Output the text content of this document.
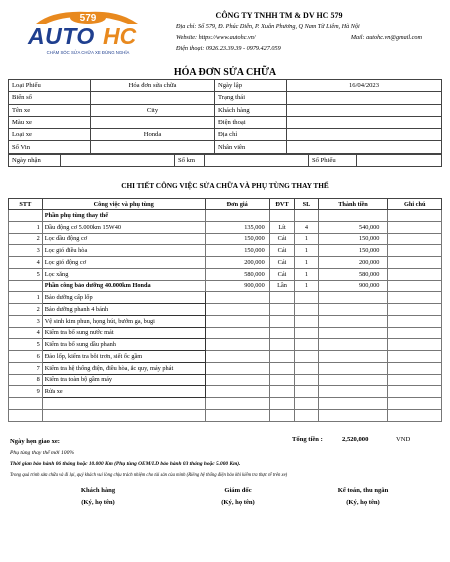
579
AUTO HC
CHĂM SÓC SỬA CHỮA XE ĐÚNG NGHĨA
CÔNG TY TNHH TM & DV HC 579
Địa chỉ: Số 579, Đ. Phúc Diễn, P. Xuân Phương, Q Nam Từ Liêm, Hà Nội
Website: https://www.autohc.vn/	Mail: autohc.vn@gmail.com
Điện thoại: 0926.23.39.39 - 0979.427.059
HÓA ĐƠN SỬA CHỮA
Loại Phiếu	Hóa đơn sửa chữa	Ngày lập	16/04/2023
Biển số		Trạng thái	
Tên xe	City	Khách hàng	
Màu xe		Điện thoại	
Loại xe	Honda	Địa chỉ	
Số Vin		Nhân viên	
Ngày nhận		Số km		Số Phiếu	
CHI TIẾT CÔNG VIỆC SỬA CHỮA VÀ PHỤ TÙNG THAY THẾ
STT	Công việc và phụ tùng	Đơn giá	ĐVT	SL	Thành tiền	Ghi chú
	Phần phụ tùng thay thế					
1	Dầu động cơ 5.000km 15W40	135,000	Lít	4	540,000	
2	Lọc dầu động cơ	150,000	Cái	1	150,000	
3	Lọc gió điều hòa	150,000	Cái	1	150,000	
4	Lọc gió động cơ	200,000	Cái	1	200,000	
5	Lọc xăng	580,000	Cái	1	580,000	
	Phần công bảo dưỡng 40.000km Honda	900,000	Lần	1	900,000	
1	Bảo dưỡng cấp lốp					
2	Bảo dưỡng phanh 4 bánh					
3	Vệ sinh kim phun, họng hút, bướm ga, bugi					
4	Kiểm tra bổ sung nước mát					
5	Kiểm tra bổ sung dầu phanh					
6	Đảo lốp, kiểm tra bôi trơn, siết ốc gầm					
7	Kiểm tra hệ thống điện, điều hòa, ắc quy, máy phát					
8	Kiểm tra toàn bộ gầm máy					
9	Rửa xe					

Ngày hẹn giao xe:	Tổng tiền :	2,520,000	VND
Phụ tùng thay thế mới 100%
Thời gian bảo hành 06 tháng hoặc 10.000 Km (Phụ tùng OEM/LD bảo hành 03 tháng hoặc 5.000 Km).
Trong quá trình sửa chữa và đi lại, quý khách vui lòng chịu trách nhiệm cho tài sản của mình (Riêng hệ thống điện bảo khi kiểm tra thực tế trên xe)
Khách hàng
(Ký, họ tên)
Giám đốc
(Ký, họ tên)
Kế toán, thu ngân
(Ký, họ tên)
